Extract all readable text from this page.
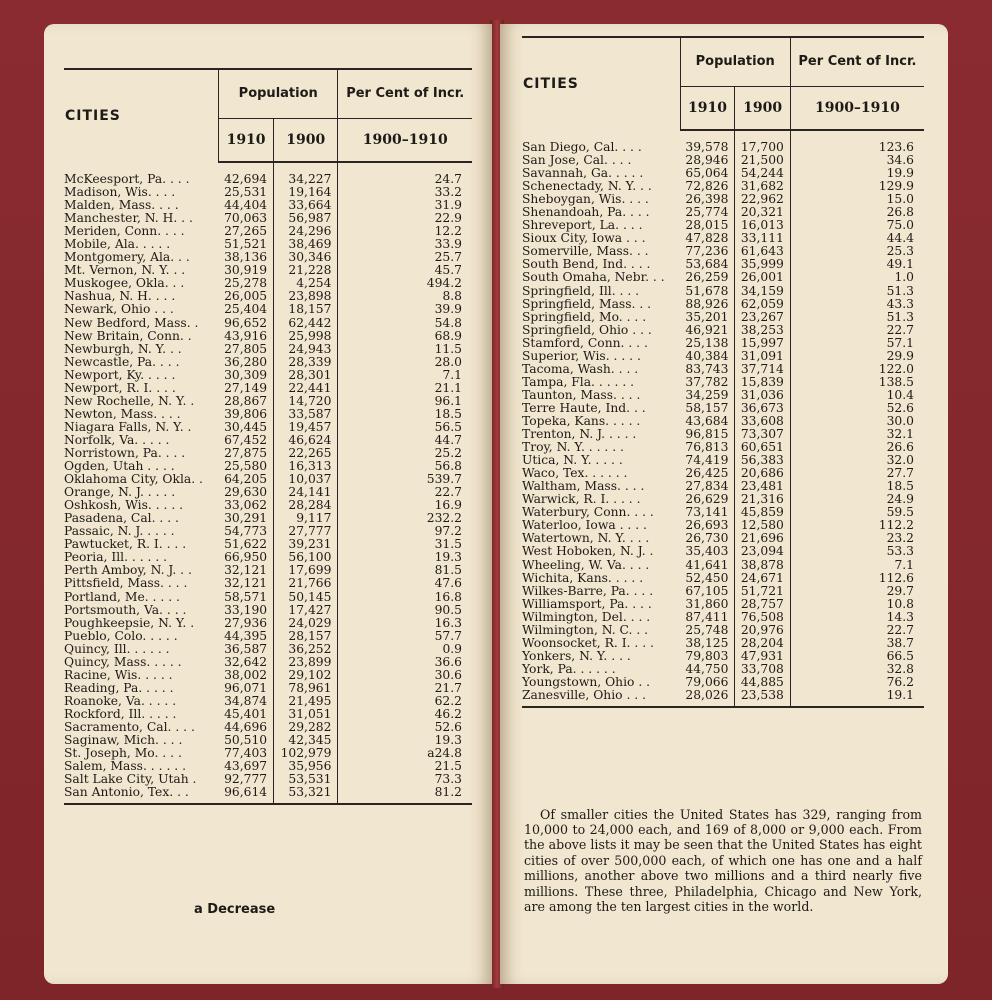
CITIES	Population		Per Cent of Incr.
	1910	1900	1900–1910
McKeesport, Pa. . . .	42,694	34,227	24.7
Madison, Wis. . . .	25,531	19,164	33.2
Malden, Mass. . . .	44,404	33,664	31.9
Manchester, N. H. . .	70,063	56,987	22.9
Meriden, Conn. . . .	27,265	24,296	12.2
Mobile, Ala. . . . .	51,521	38,469	33.9
Montgomery, Ala. . .	38,136	30,346	25.7
Mt. Vernon, N. Y. . .	30,919	21,228	45.7
Muskogee, Okla. . .	25,278	4,254	494.2
Nashua, N. H. . . .	26,005	23,898	8.8
Newark, Ohio . . .	25,404	18,157	39.9
New Bedford, Mass. .	96,652	62,442	54.8
New Britain, Conn. .	43,916	25,998	68.9
Newburgh, N. Y. . .	27,805	24,943	11.5
Newcastle, Pa. . . .	36,280	28,339	28.0
Newport, Ky. . . . .	30,309	28,301	7.1
Newport, R. I. . . .	27,149	22,441	21.1
New Rochelle, N. Y. .	28,867	14,720	96.1
Newton, Mass. . . .	39,806	33,587	18.5
Niagara Falls, N. Y. .	30,445	19,457	56.5
Norfolk, Va. . . . .	67,452	46,624	44.7
Norristown, Pa. . . .	27,875	22,265	25.2
Ogden, Utah . . . .	25,580	16,313	56.8
Oklahoma City, Okla. .	64,205	10,037	539.7
Orange, N. J. . . . .	29,630	24,141	22.7
Oshkosh, Wis. . . . .	33,062	28,284	16.9
Pasadena, Cal. . . .	30,291	9,117	232.2
Passaic, N. J. . . . .	54,773	27,777	97.2
Pawtucket, R. I. . . .	51,622	39,231	31.5
Peoria, Ill. . . . . .	66,950	56,100	19.3
Perth Amboy, N. J. . .	32,121	17,699	81.5
Pittsfield, Mass. . . .	32,121	21,766	47.6
Portland, Me. . . . .	58,571	50,145	16.8
Portsmouth, Va. . . .	33,190	17,427	90.5
Poughkeepsie, N. Y. .	27,936	24,029	16.3
Pueblo, Colo. . . . .	44,395	28,157	57.7
Quincy, Ill. . . . . .	36,587	36,252	0.9
Quincy, Mass. . . . .	32,642	23,899	36.6
Racine, Wis. . . . .	38,002	29,102	30.6
Reading, Pa. . . . .	96,071	78,961	21.7
Roanoke, Va. . . . .	34,874	21,495	62.2
Rockford, Ill. . . . .	45,401	31,051	46.2
Sacramento, Cal. . . .	44,696	29,282	52.6
Saginaw, Mich. . . .	50,510	42,345	19.3
St. Joseph, Mo. . . .	77,403	102,979	a24.8
Salem, Mass. . . . . .	43,697	35,956	21.5
Salt Lake City, Utah .	92,777	53,531	73.3
San Antonio, Tex. . .	96,614	53,321	81.2
a Decrease
CITIES	Population		Per Cent of Incr.
	1910	1900	1900–1910
San Diego, Cal. . . .	39,578	17,700	123.6
San Jose, Cal. . . .	28,946	21,500	34.6
Savannah, Ga. . . . .	65,064	54,244	19.9
Schenectady, N. Y. . .	72,826	31,682	129.9
Sheboygan, Wis. . . .	26,398	22,962	15.0
Shenandoah, Pa. . . .	25,774	20,321	26.8
Shreveport, La. . . .	28,015	16,013	75.0
Sioux City, Iowa . . .	47,828	33,111	44.4
Somerville, Mass. . .	77,236	61,643	25.3
South Bend, Ind. . . .	53,684	35,999	49.1
South Omaha, Nebr. . .	26,259	26,001	1.0
Springfield, Ill. . . .	51,678	34,159	51.3
Springfield, Mass. . .	88,926	62,059	43.3
Springfield, Mo. . . .	35,201	23,267	51.3
Springfield, Ohio . . .	46,921	38,253	22.7
Stamford, Conn. . . .	25,138	15,997	57.1
Superior, Wis. . . . .	40,384	31,091	29.9
Tacoma, Wash. . . .	83,743	37,714	122.0
Tampa, Fla. . . . . .	37,782	15,839	138.5
Taunton, Mass. . . .	34,259	31,036	10.4
Terre Haute, Ind. . .	58,157	36,673	52.6
Topeka, Kans. . . . .	43,684	33,608	30.0
Trenton, N. J. . . . .	96,815	73,307	32.1
Troy, N. Y. . . . . .	76,813	60,651	26.6
Utica, N. Y. . . . .	74,419	56,383	32.0
Waco, Tex. . . . . .	26,425	20,686	27.7
Waltham, Mass. . . .	27,834	23,481	18.5
Warwick, R. I. . . . .	26,629	21,316	24.9
Waterbury, Conn. . . .	73,141	45,859	59.5
Waterloo, Iowa . . . .	26,693	12,580	112.2
Watertown, N. Y. . . .	26,730	21,696	23.2
West Hoboken, N. J. .	35,403	23,094	53.3
Wheeling, W. Va. . . .	41,641	38,878	7.1
Wichita, Kans. . . . .	52,450	24,671	112.6
Wilkes-Barre, Pa. . . .	67,105	51,721	29.7
Williamsport, Pa. . . .	31,860	28,757	10.8
Wilmington, Del. . . .	87,411	76,508	14.3
Wilmington, N. C. . .	25,748	20,976	22.7
Woonsocket, R. I. . . .	38,125	28,204	38.7
Yonkers, N. Y. . . .	79,803	47,931	66.5
York, Pa. . . . . .	44,750	33,708	32.8
Youngstown, Ohio . .	79,066	44,885	76.2
Zanesville, Ohio . . .	28,026	23,538	19.1

Of smaller cities the United States has 329, ranging from 10,000 to 24,000 each, and 169 of 8,000 or 9,000 each. From the above lists it may be seen that the United States has eight cities of over 500,000 each, of which one has one and a half millions, another above two millions and a third nearly five millions. These three, Philadelphia, Chicago and New York, are among the ten largest cities in the world.
